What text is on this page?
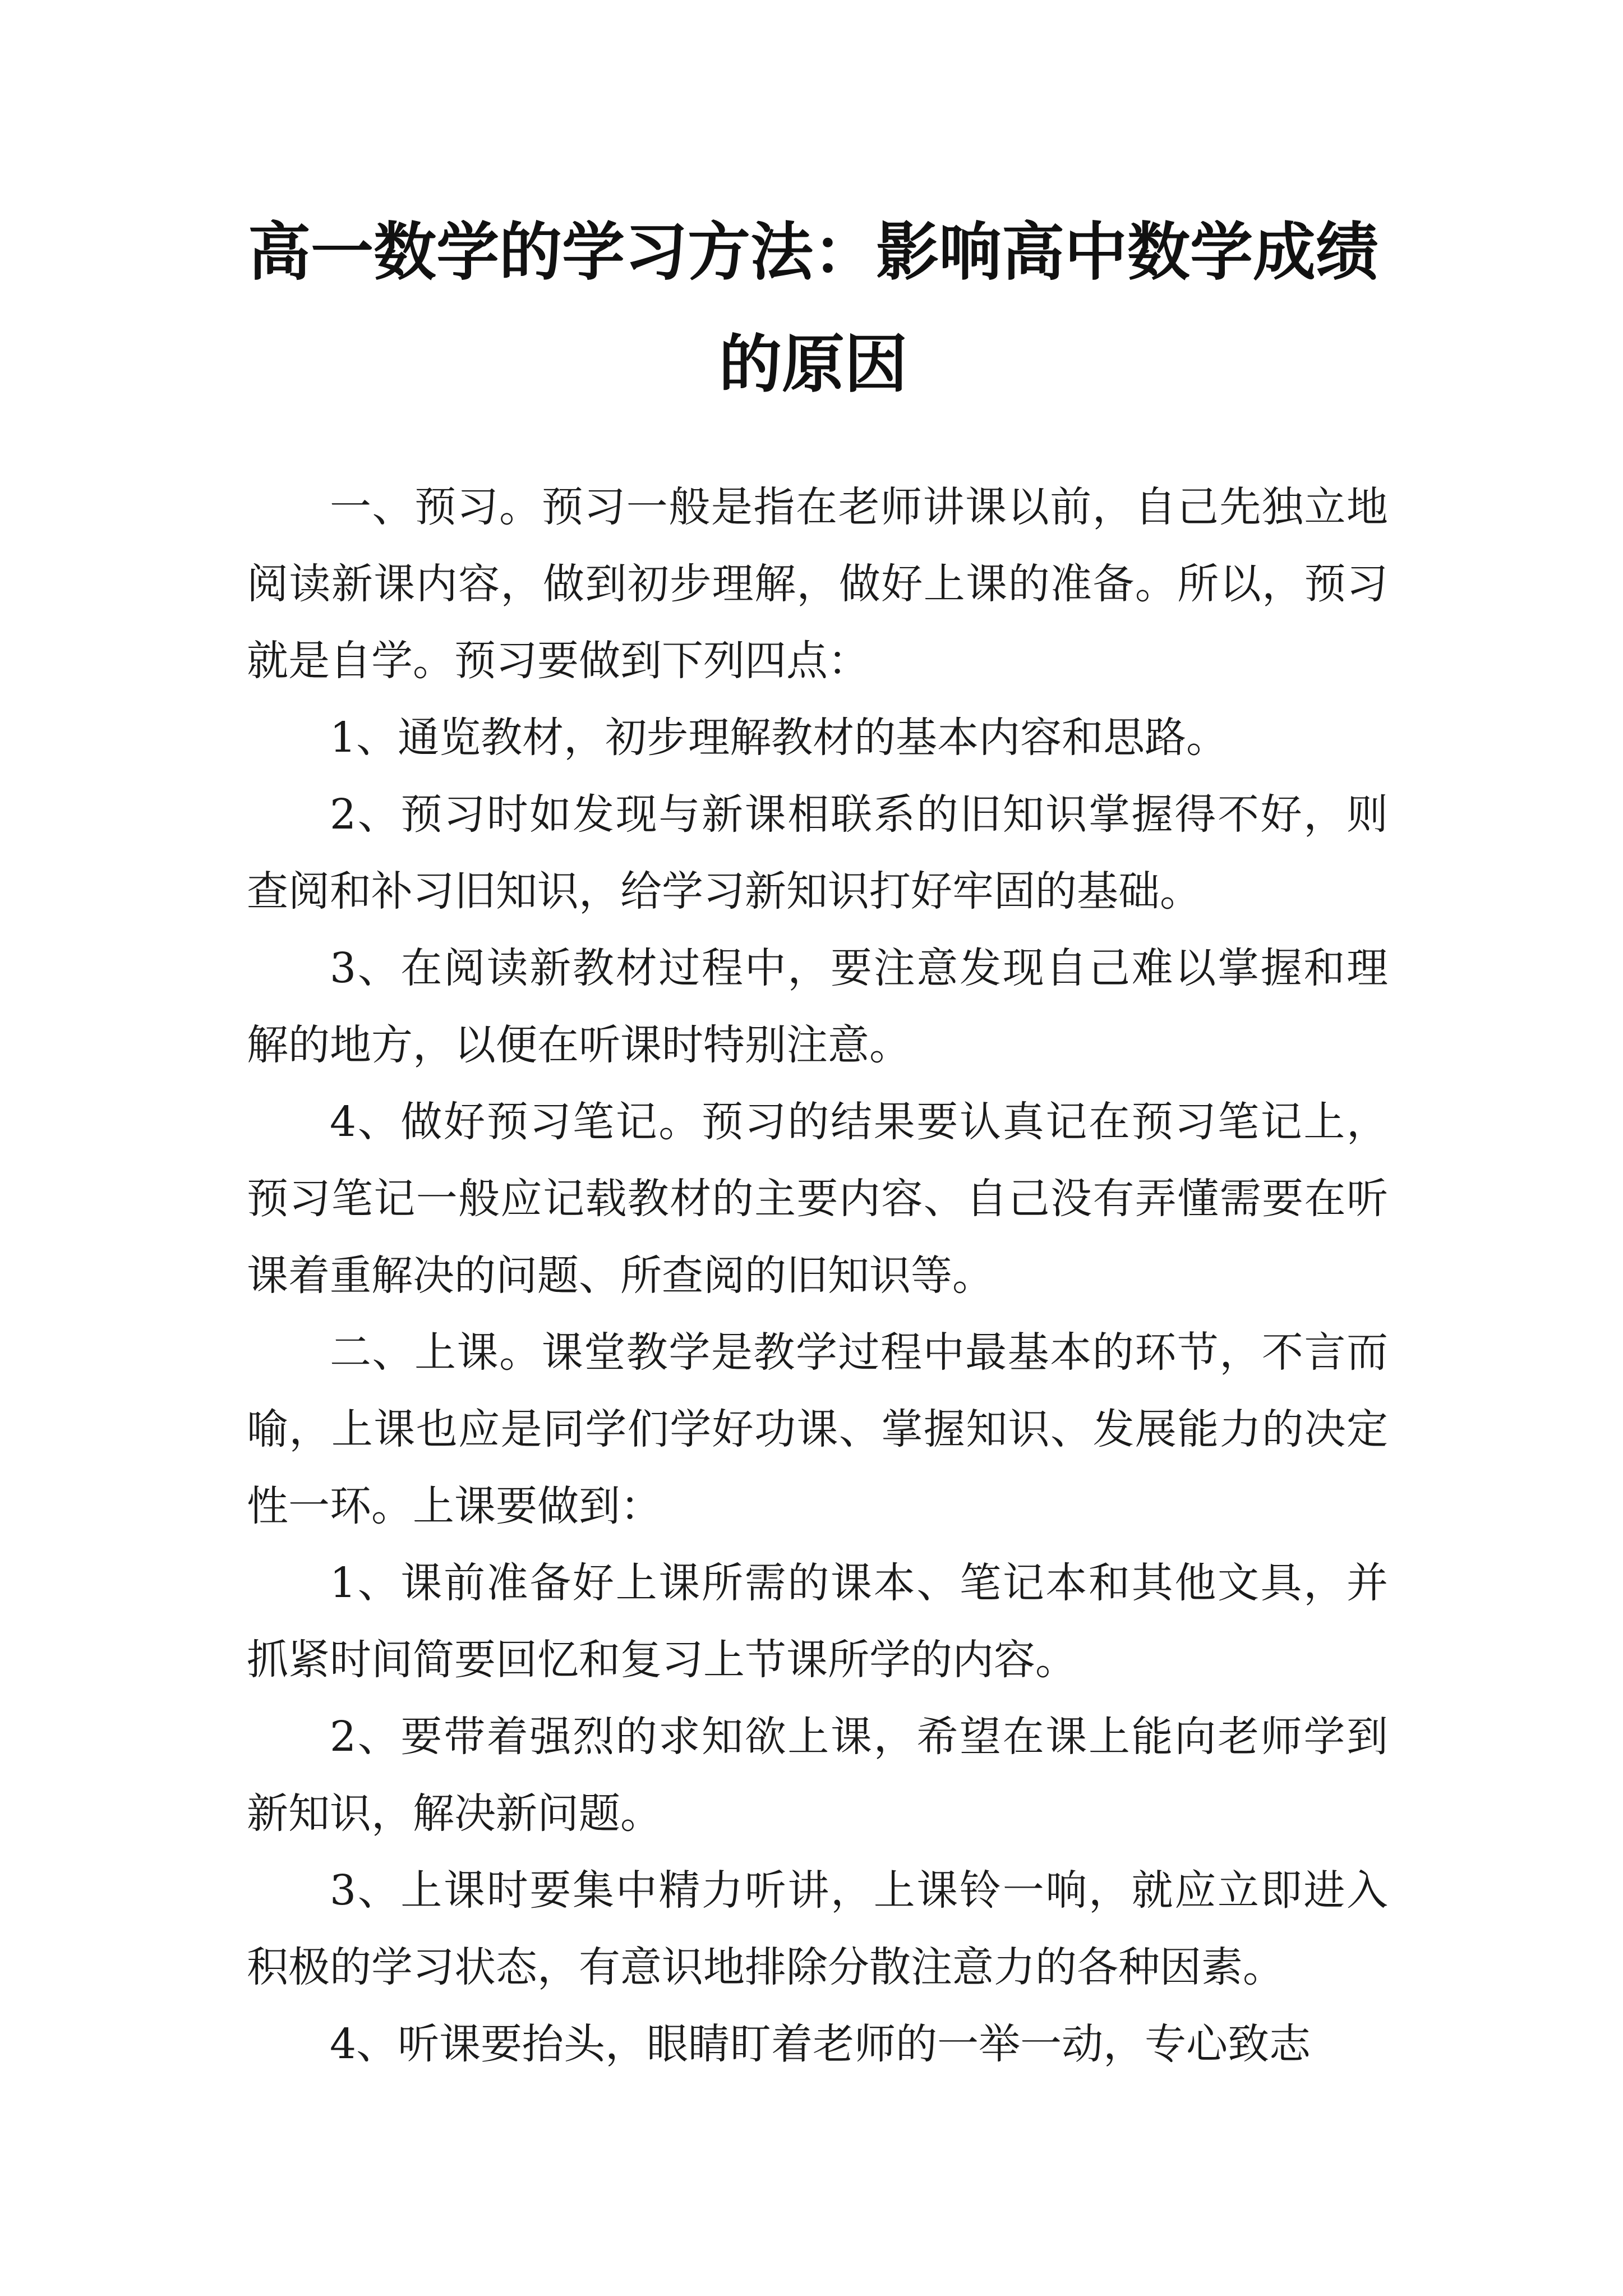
高一数学的学习方法：影响高中数学成绩的原因

一、预习。预习一般是指在老师讲课以前，自己先独立地阅读新课内容，做到初步理解，做好上课的准备。所以，预习就是自学。预习要做到下列四点：

1、通览教材，初步理解教材的基本内容和思路。

2、预习时如发现与新课相联系的旧知识掌握得不好，则查阅和补习旧知识，给学习新知识打好牢固的基础。

3、在阅读新教材过程中，要注意发现自己难以掌握和理解的地方，以便在听课时特别注意。

4、做好预习笔记。预习的结果要认真记在预习笔记上，预习笔记一般应记载教材的主要内容、自己没有弄懂需要在听课着重解决的问题、所查阅的旧知识等。

二、上课。课堂教学是教学过程中最基本的环节，不言而喻，上课也应是同学们学好功课、掌握知识、发展能力的决定性一环。上课要做到：

1、课前准备好上课所需的课本、笔记本和其他文具，并抓紧时间简要回忆和复习上节课所学的内容。

2、要带着强烈的求知欲上课，希望在课上能向老师学到新知识，解决新问题。

3、上课时要集中精力听讲，上课铃一响，就应立即进入积极的学习状态，有意识地排除分散注意力的各种因素。

4、听课要抬头，眼睛盯着老师的一举一动，专心致志
